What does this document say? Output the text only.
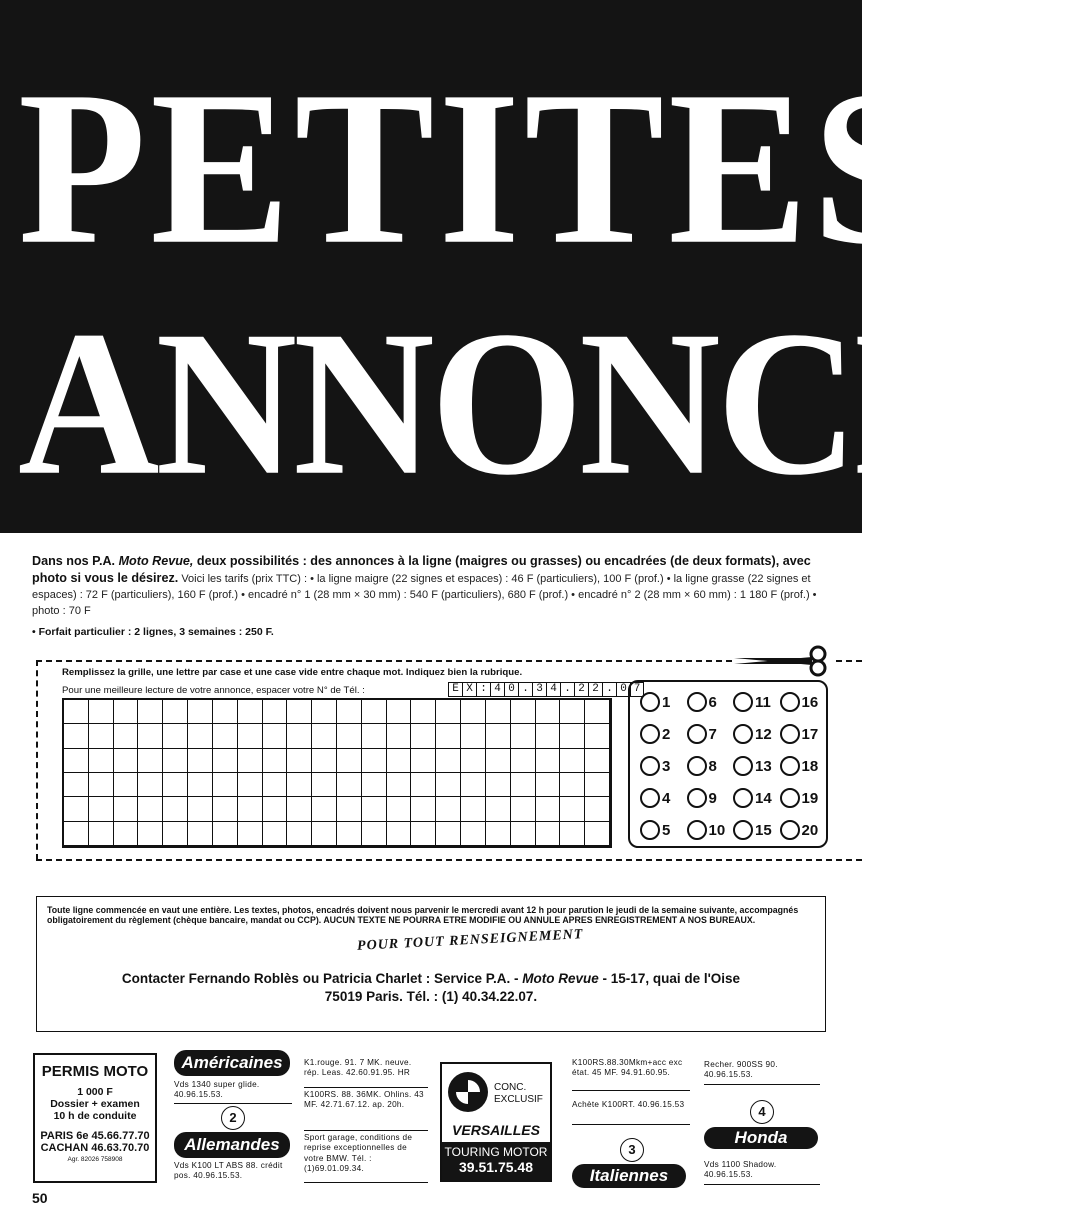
PETITES
ANNONCES
Dans nos P.A. Moto Revue, deux possibilités : des annonces à la ligne (maigres ou grasses) ou encadrées (de deux formats), avec photo si vous le désirez. Voici les tarifs (prix TTC) : • la ligne maigre (22 signes et espaces) : 46 F (particuliers), 100 F (prof.) • la ligne grasse (22 signes et espaces) : 72 F (particuliers), 160 F (prof.) • encadré n° 1 (28 mm × 30 mm) : 540 F (particuliers), 680 F (prof.) • encadré n° 2 (28 mm × 60 mm) : 1 180 F (prof.) • photo : 70 F
• Forfait particulier : 2 lignes, 3 semaines : 250 F.
Remplissez la grille, une lettre par case et une case vide entre chaque mot. Indiquez bien la rubrique.
Pour une meilleure lecture de votre annonce, espacer votre N° de Tél. :	E X : 4 0 . 3 4 . 2 2 . 0 7
1	6	11 16
2	7	12 17
3	8	13 18
4	9	14 19
5	10 15 20
Toute ligne commencée en vaut une entière. Les textes, photos, encadrés doivent nous parvenir le mercredi avant 12 h pour parution le jeudi de la semaine suivante, accompagnés obligatoirement du règlement (chèque bancaire, mandat ou CCP). AUCUN TEXTE NE POURRA ETRE MODIFIE OU ANNULE APRES ENREGISTREMENT A NOS BUREAUX.
POUR TOUT RENSEIGNEMENT
Contacter Fernando Roblès ou Patricia Charlet : Service P.A. - Moto Revue - 15-17, quai de l'Oise
75019 Paris. Tél. : (1) 40.34.22.07.
PERMIS MOTO
1 000 F
Dossier + examen
10 h de conduite
PARIS 6e 45.66.77.70
CACHAN 46.63.70.70
Agr. 82026 758908
Américaines
Vds 1340 super glide. 40.96.15.53.
2
Allemandes
Vds K100 LT ABS 88. crédit pos. 40.96.15.53.
K1.rouge. 91. 7 MK. neuve. rép. Leas. 42.60.91.95. HR
K100RS. 88. 36MK. Ohlins. 43 MF. 42.71.67.12. ap. 20h.
Sport garage, conditions de reprise exceptionnelles de votre BMW. Tél. :(1)69.01.09.34.
CONC.
EXCLUSIF
VERSAILLES
TOURING MOTOR
39.51.75.48
K100RS.88.30Mkm+acc exc état. 45 MF. 94.91.60.95.
Achète K100RT. 40.96.15.53
3
Italiennes
Recher. 900SS 90. 40.96.15.53.
4
Honda
Vds 1100 Shadow. 40.96.15.53.
50
